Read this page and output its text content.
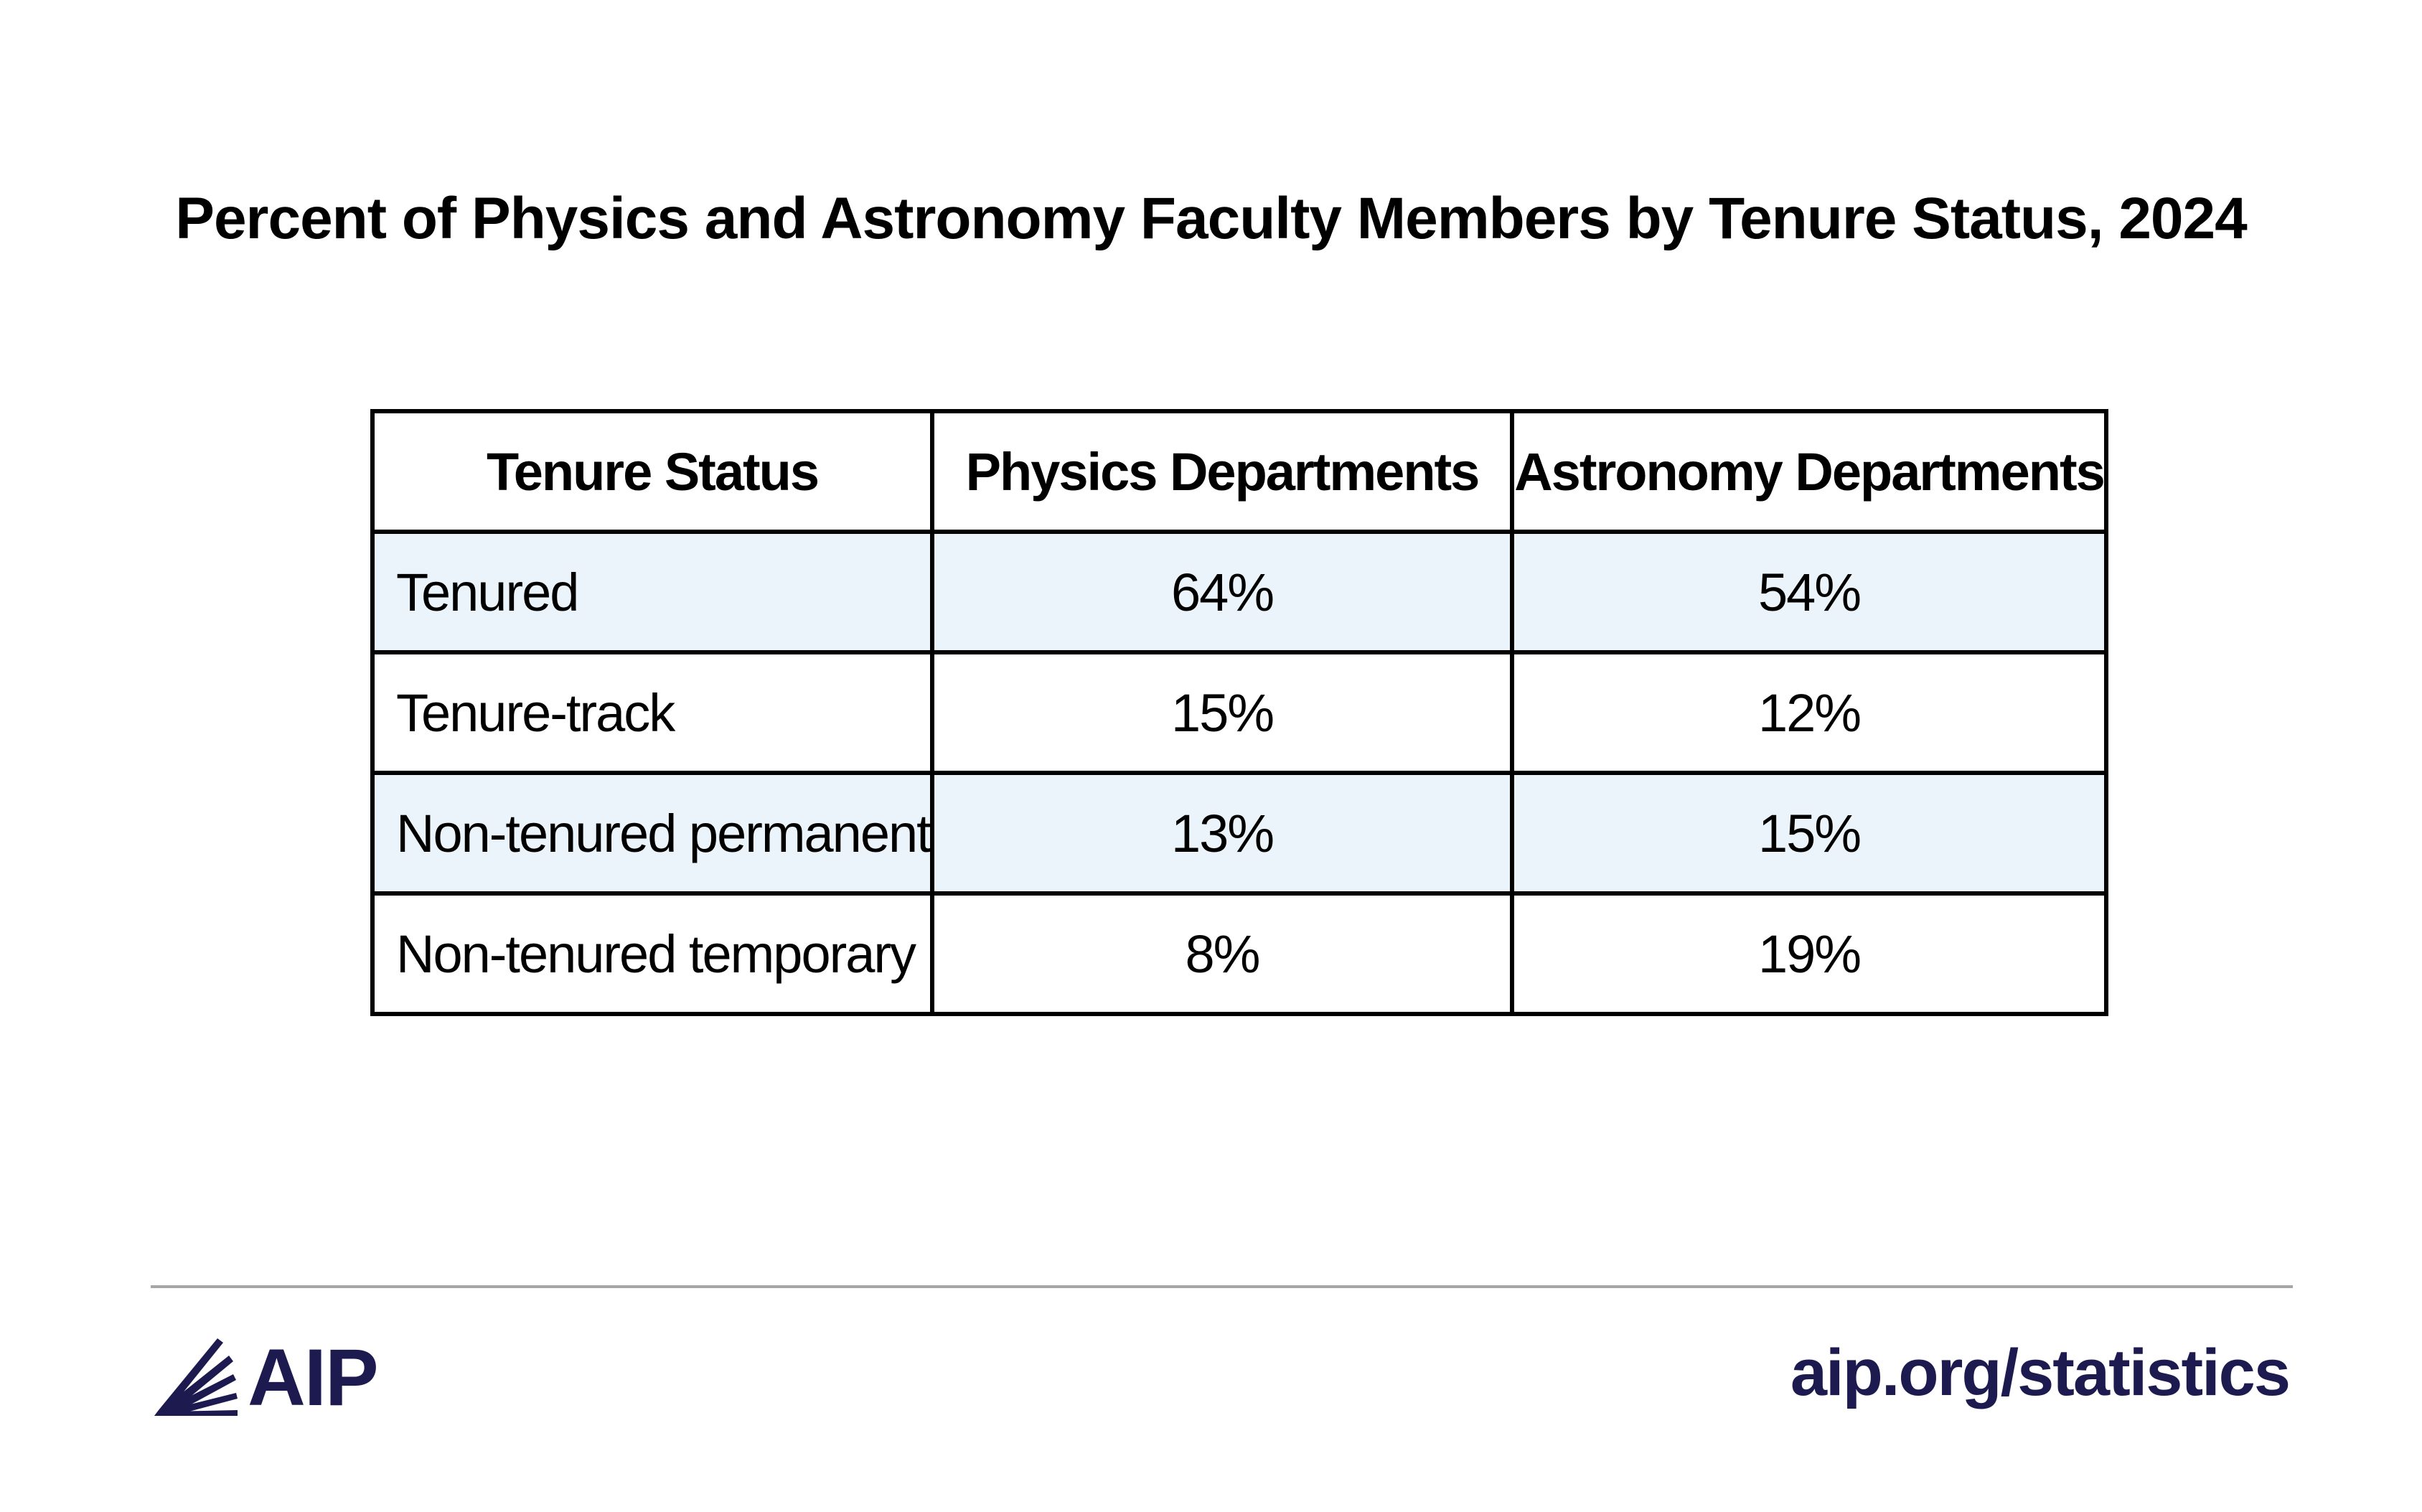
Percent of Physics and Astronomy Faculty Members by Tenure Status, 2024
Tenure Status	Physics Departments	Astronomy Departments
Tenured	64%	54%
Tenure-track	15%	12%
Non-tenured permanent	13%	15%
Non-tenured temporary	8%	19%
AIP	aip.org/statistics
